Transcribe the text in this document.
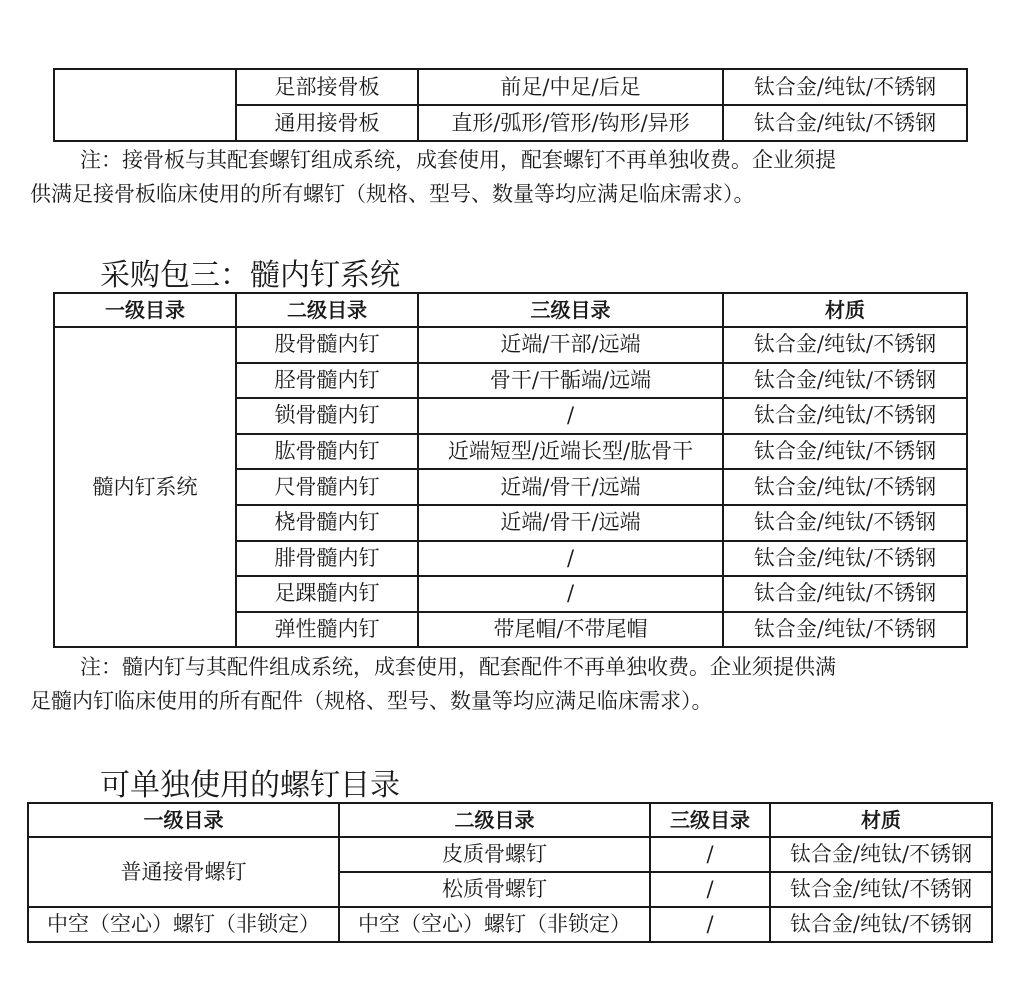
	足部接骨板	前足/中足/后足	钛合金/纯钛/不锈钢
	通用接骨板	直形/弧形/管形/钩形/异形	钛合金/纯钛/不锈钢

注：接骨板与其配套螺钉组成系统，成套使用，配套螺钉不再单独收费。企业须提

供满足接骨板临床使用的所有螺钉（规格、型号、数量等均应满足临床需求）。

采购包三：髓内钉系统
一级目录	二级目录	三级目录	材质
髓内钉系统	股骨髓内钉	近端/干部/远端	钛合金/纯钛/不锈钢
	胫骨髓内钉	骨干/干骺端/远端	钛合金/纯钛/不锈钢
	锁骨髓内钉	/	钛合金/纯钛/不锈钢
	肱骨髓内钉	近端短型/近端长型/肱骨干	钛合金/纯钛/不锈钢
	尺骨髓内钉	近端/骨干/远端	钛合金/纯钛/不锈钢
	桡骨髓内钉	近端/骨干/远端	钛合金/纯钛/不锈钢
	腓骨髓内钉	/	钛合金/纯钛/不锈钢
	足踝髓内钉	/	钛合金/纯钛/不锈钢
	弹性髓内钉	带尾帽/不带尾帽	钛合金/纯钛/不锈钢

注：髓内钉与其配件组成系统，成套使用，配套配件不再单独收费。企业须提供满

足髓内钉临床使用的所有配件（规格、型号、数量等均应满足临床需求）。

可单独使用的螺钉目录
一级目录	二级目录	三级目录	材质
普通接骨螺钉	皮质骨螺钉	/	钛合金/纯钛/不锈钢
	松质骨螺钉	/	钛合金/纯钛/不锈钢
中空（空心）螺钉（非锁定）	中空（空心）螺钉（非锁定）	/	钛合金/纯钛/不锈钢
